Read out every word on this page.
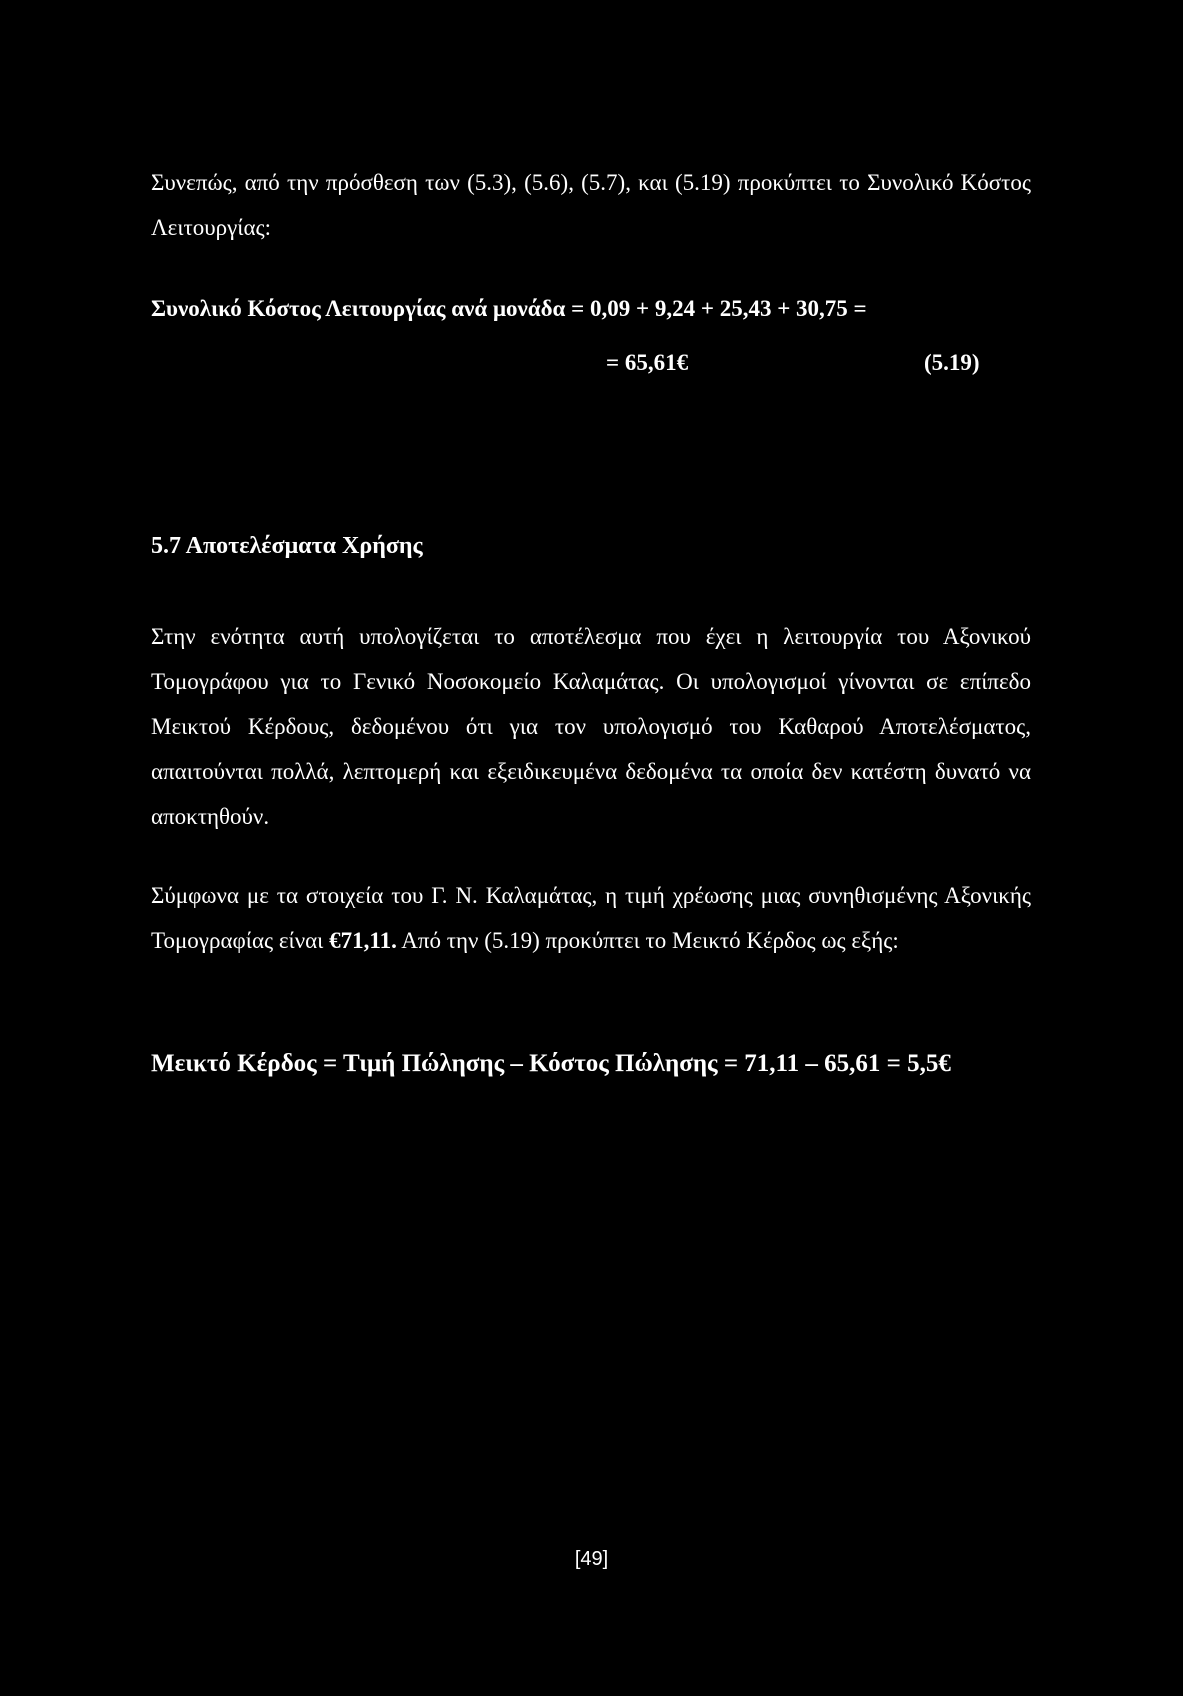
Συνεπώς, από την πρόσθεση των (5.3), (5.6), (5.7), και (5.19) προκύπτει το Συνολικό Κόστος Λειτουργίας:

Συνολικό Κόστος Λειτουργίας ανά μονάδα = 0,09 + 9,24 + 25,43 + 30,75 =
= 65,61€	(5.19)
5.7 Αποτελέσματα Χρήσης

Στην ενότητα αυτή υπολογίζεται το αποτέλεσμα που έχει η λειτουργία του Αξονικού Τομογράφου για το Γενικό Νοσοκομείο Καλαμάτας. Οι υπολογισμοί γίνονται σε επίπεδο Μεικτού Κέρδους, δεδομένου ότι για τον υπολογισμό του Καθαρού Αποτελέσματος, απαιτούνται πολλά, λεπτομερή και εξειδικευμένα δεδομένα τα οποία δεν κατέστη δυνατό να αποκτηθούν.

Σύμφωνα με τα στοιχεία του Γ. Ν. Καλαμάτας, η τιμή χρέωσης μιας συνηθισμένης Αξονικής Τομογραφίας είναι €71,11. Από την (5.19) προκύπτει το Μεικτό Κέρδος ως εξής:

Μεικτό Κέρδος = Τιμή Πώλησης – Κόστος Πώλησης = 71,11 – 65,61 = 5,5€
[49]
